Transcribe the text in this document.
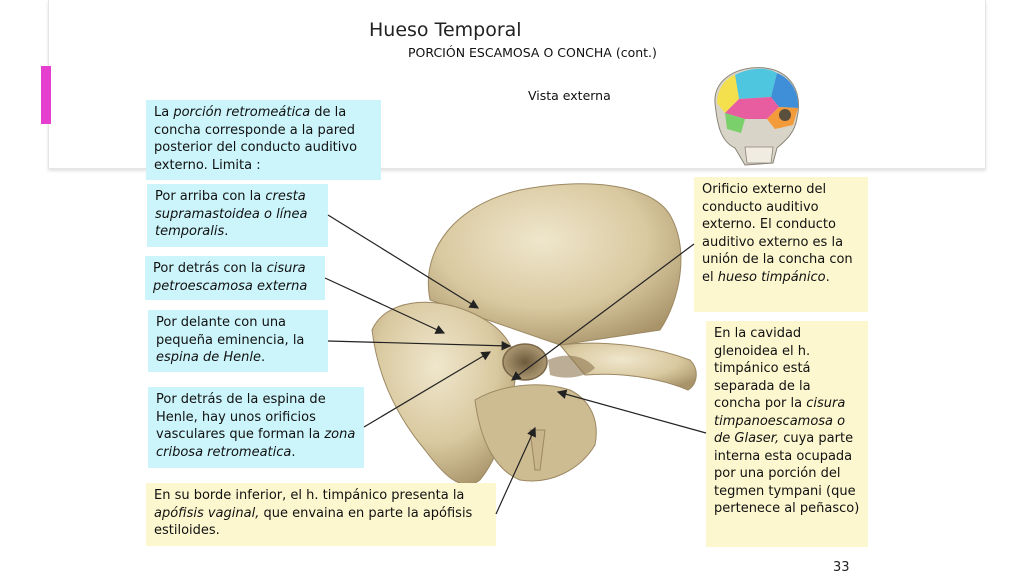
Hueso Temporal
PORCIÓN ESCAMOSA O CONCHA (cont.)
Vista externa
La porción retromeática de la concha corresponde a la pared posterior del conducto auditivo externo. Limita :
Por arriba con la cresta supramastoidea o línea temporalis.
Por detrás con la cisura petroescamosa externa
Por delante con una pequeña eminencia, la espina de Henle.
Por detrás de la espina de Henle, hay unos orificios vasculares que forman la zona cribosa retromeatica.
En su borde inferior, el h. timpánico presenta la apófisis vaginal, que envaina en parte la apófisis estiloides.
Orificio externo del conducto auditivo externo. El conducto auditivo externo es la unión de la concha con el hueso timpánico.
En la cavidad glenoidea el h. timpánico está separada de la concha por la cisura timpanoescamosa o de Glaser, cuya parte interna esta ocupada por una porción del tegmen tympani (que pertenece al peñasco)
33
